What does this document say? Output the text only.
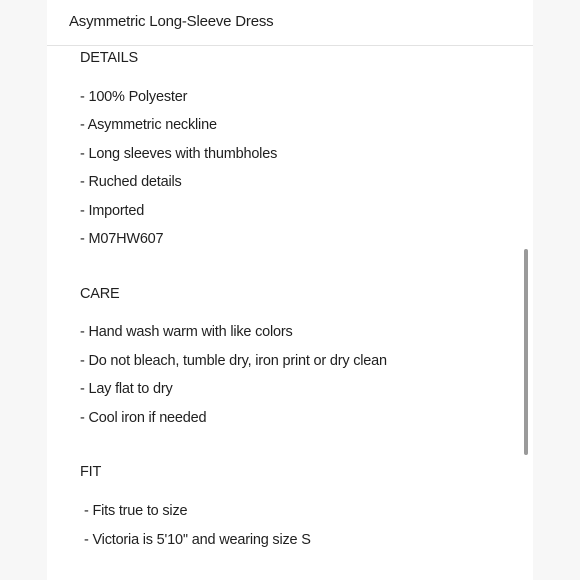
Asymmetric Long-Sleeve Dress
DETAILS
- 100% Polyester
- Asymmetric neckline
- Long sleeves with thumbholes
- Ruched details
- Imported
- M07HW607
CARE
- Hand wash warm with like colors
- Do not bleach, tumble dry, iron print or dry clean
- Lay flat to dry
- Cool iron if needed
FIT
- Fits true to size
- Victoria is 5'10'' and wearing size S
